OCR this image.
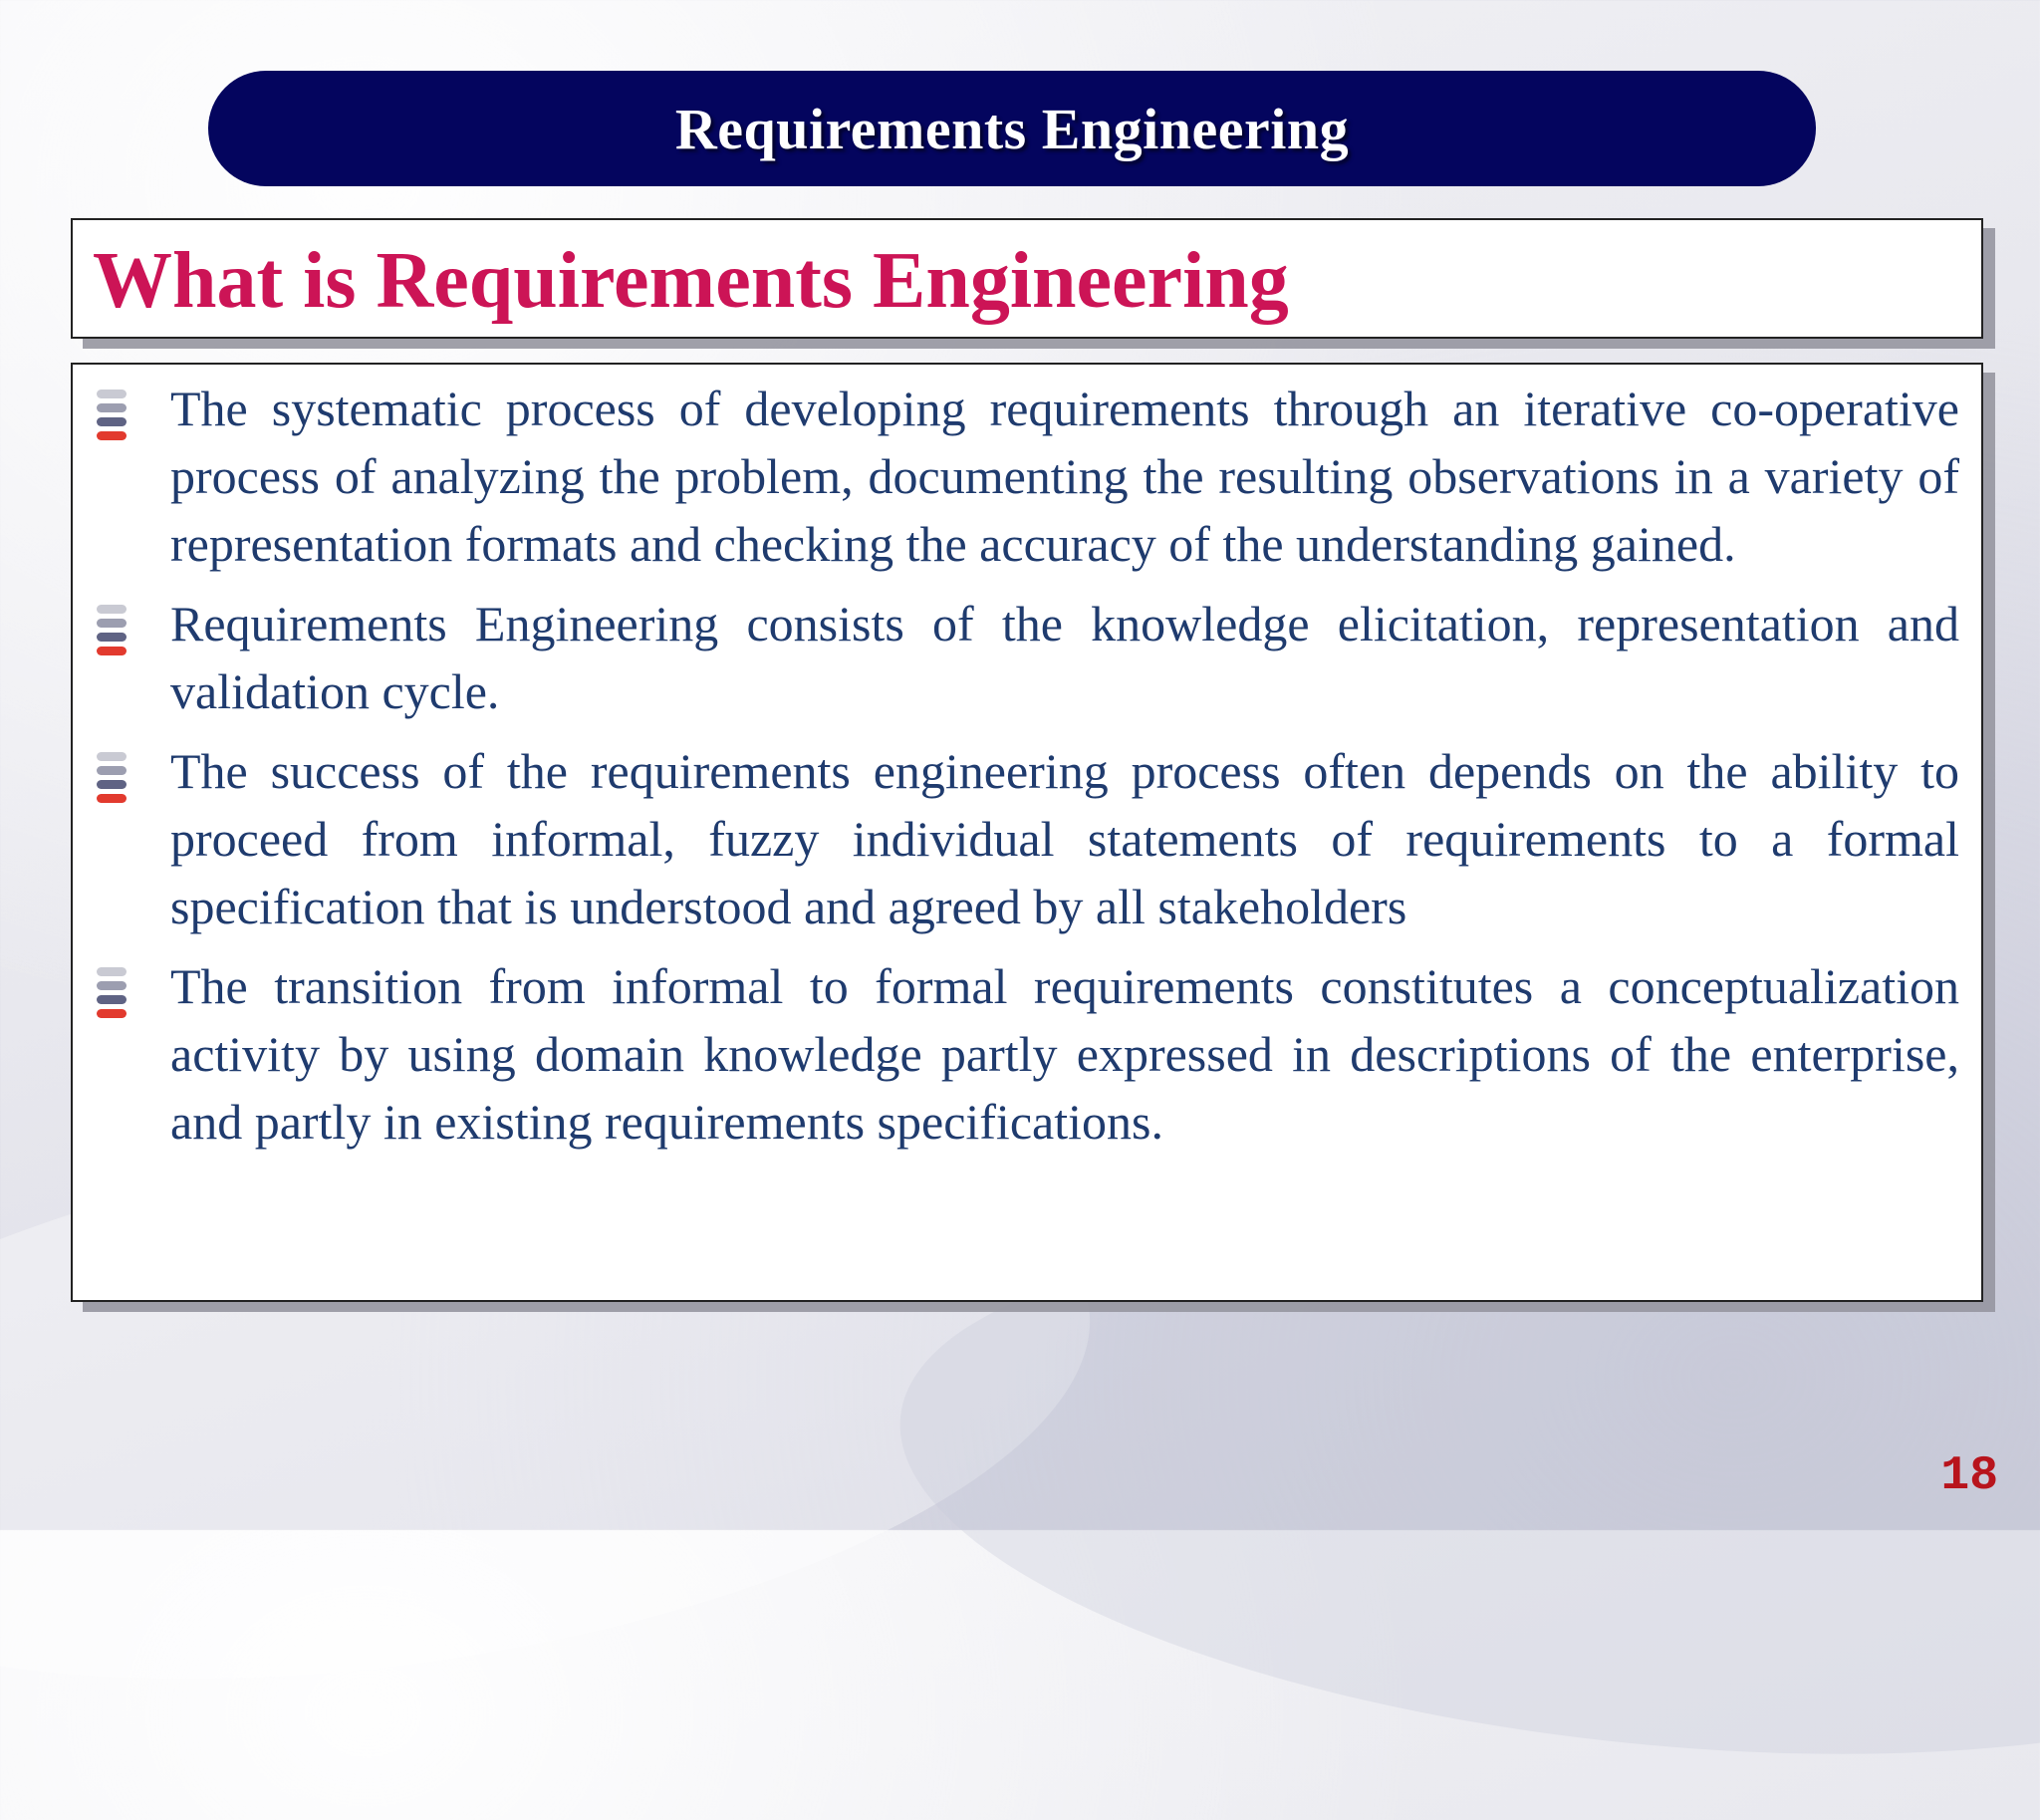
Requirements Engineering
What is Requirements Engineering
The systematic process of developing requirements through an iterative co-operative process of analyzing the problem, documenting the resulting observations in a variety of representation formats and checking the accuracy of the understanding gained.
Requirements Engineering consists of the knowledge elicitation, representation and validation cycle.
The success of the requirements engineering process often depends on the ability to proceed from informal, fuzzy individual statements of requirements to a formal specification that is understood and agreed by all stakeholders
The transition from informal to formal requirements constitutes a conceptualization activity by using domain knowledge partly expressed in descriptions of the enterprise, and partly in existing requirements specifications.
18
